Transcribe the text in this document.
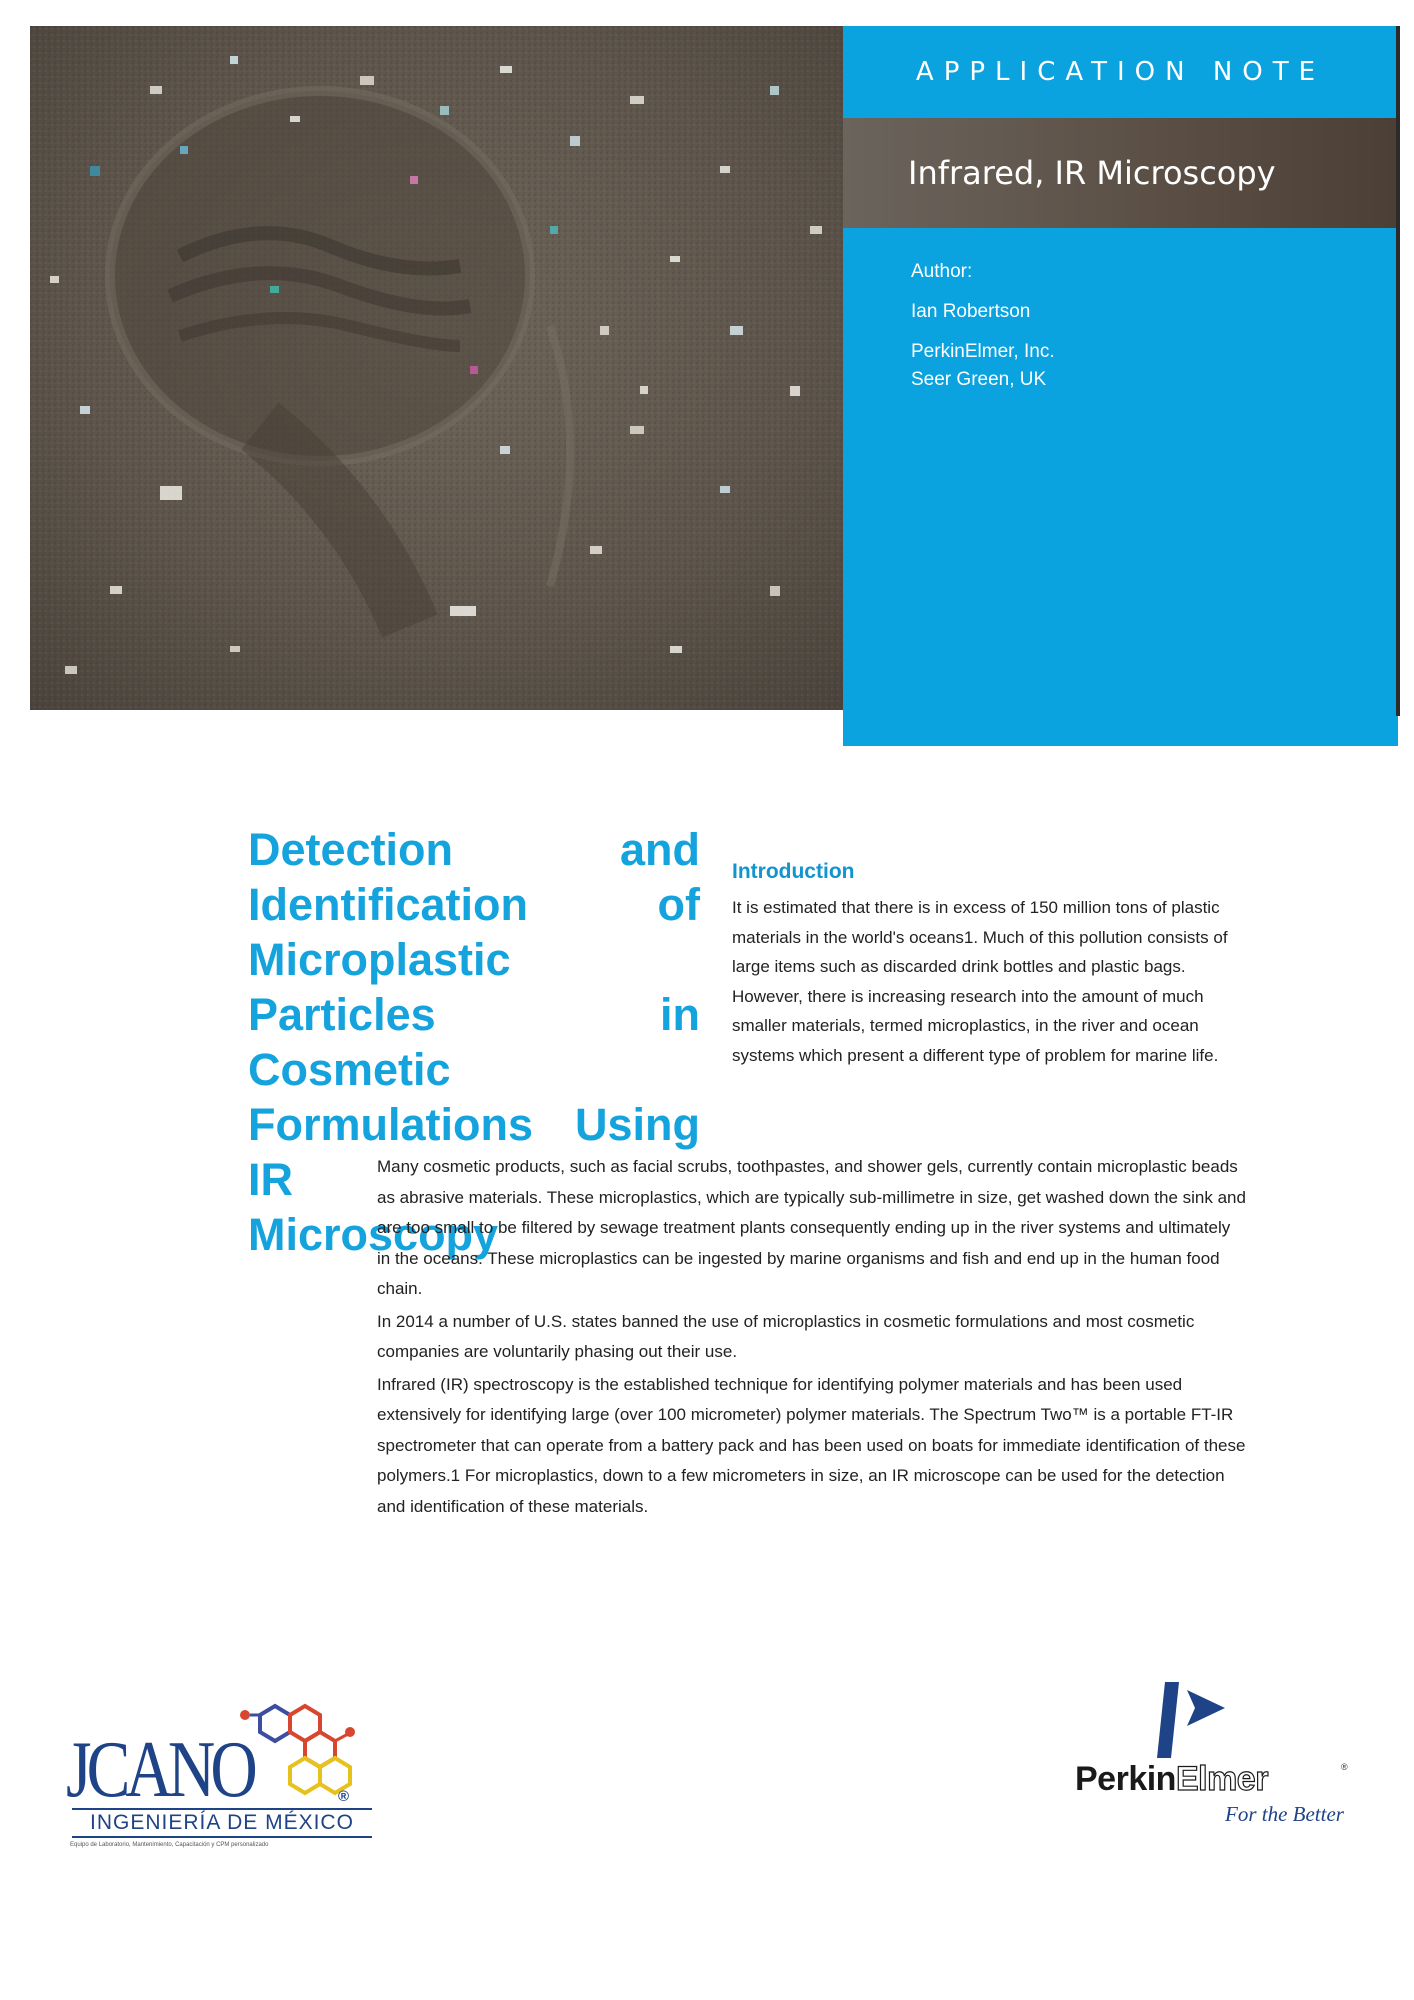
APPLICATION NOTE
Infrared, IR Microscopy
Author:
Ian Robertson
PerkinElmer, Inc.
Seer Green, UK
Detection and Identification of Microplastic Particles in Cosmetic Formulations Using IR
Microscopy
Introduction

It is estimated that there is in excess of 150 million tons of plastic materials in the world's oceans1. Much of this pollution consists of large items such as discarded drink bottles and plastic bags. However, there is increasing research into the amount of much smaller materials, termed microplastics, in the river and ocean systems which present a different type of problem for marine life.

Many cosmetic products, such as facial scrubs, toothpastes, and shower gels, currently contain microplastic beads as abrasive materials. These microplastics, which are typically sub-millimetre in size, get washed down the sink and are too small to be filtered by sewage treatment plants consequently ending up in the river systems and ultimately in the oceans. These microplastics can be ingested by marine organisms and fish and end up in the human food chain.

In 2014 a number of U.S. states banned the use of microplastics in cosmetic formulations and most cosmetic companies are voluntarily phasing out their use.

Infrared (IR) spectroscopy is the established technique for identifying polymer materials and has been used extensively for identifying large (over 100 micrometer) polymer materials. The Spectrum Two™ is a portable FT-IR spectrometer that can operate from a battery pack and has been used on boats for immediate identification of these polymers.1 For microplastics, down to a few micrometers in size, an IR microscope can be used for the detection and identification of these materials.

JCANO	®
INGENIERÍA DE MÉXICO
Equipo de Laboratorio, Mantenimiento, Capacitación y CPM personalizado
PerkinElmer	®
For the Better
